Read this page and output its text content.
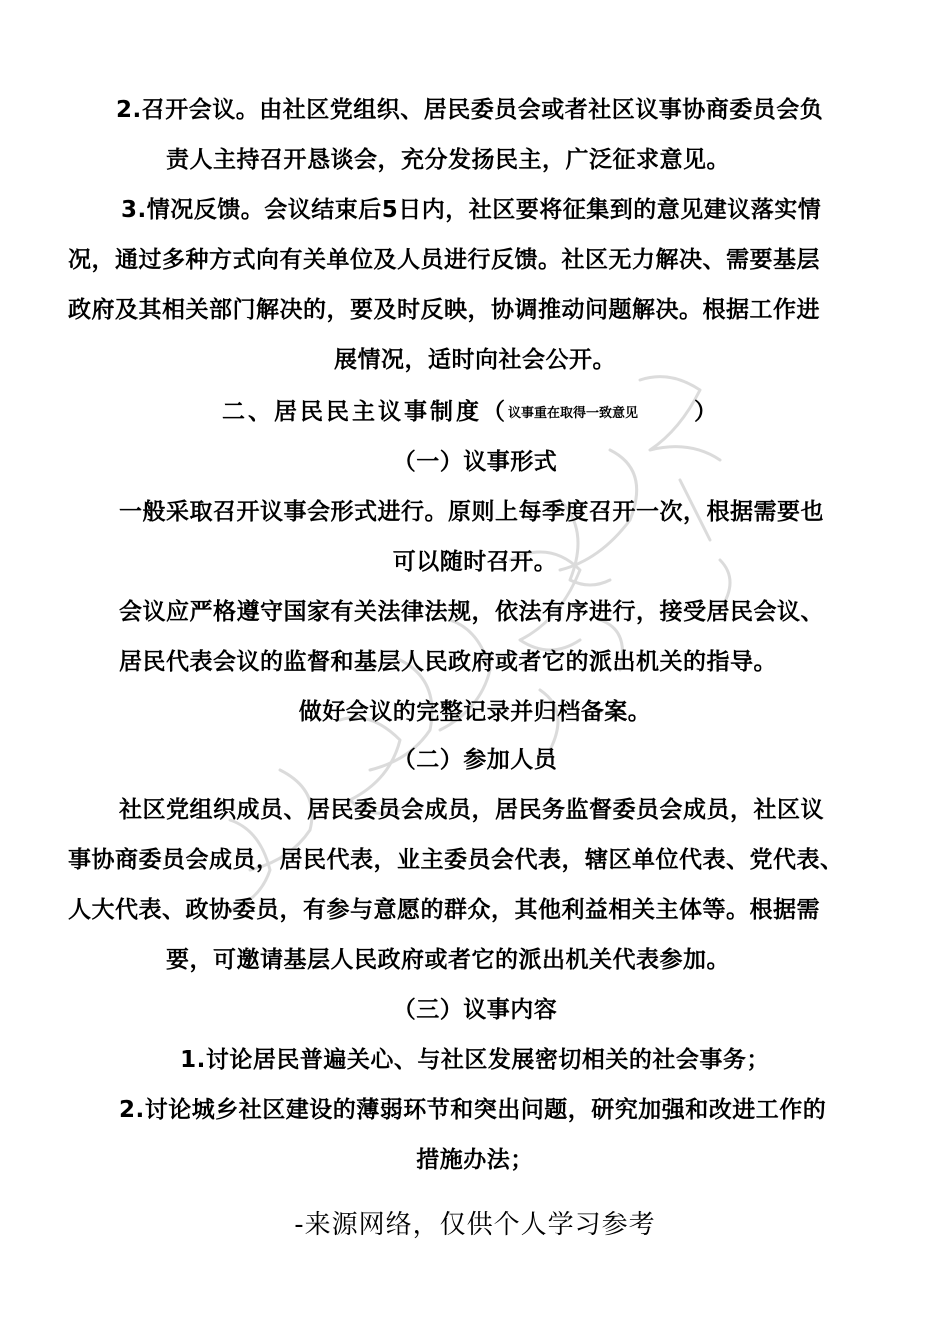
2.召开会议。由社区党组织、居民委员会或者社区议事协商委员会负
责人主持召开恳谈会，充分发扬民主，广泛征求意见。
3.情况反馈。会议结束后5日内，社区要将征集到的意见建议落实情
况，通过多种方式向有关单位及人员进行反馈。社区无力解决、需要基层
政府及其相关部门解决的，要及时反映，协调推动问题解决。根据工作进
展情况，适时向社会公开。
二、居民民主议事制度（议事重在取得一致意见 ）
（一）议事形式
一般采取召开议事会形式进行。原则上每季度召开一次，根据需要也
可以随时召开。
会议应严格遵守国家有关法律法规，依法有序进行，接受居民会议、
居民代表会议的监督和基层人民政府或者它的派出机关的指导。
做好会议的完整记录并归档备案。
（二）参加人员
社区党组织成员、居民委员会成员，居民务监督委员会成员，社区议
事协商委员会成员，居民代表，业主委员会代表，辖区单位代表、党代表、
人大代表、政协委员，有参与意愿的群众，其他利益相关主体等。根据需
要，可邀请基层人民政府或者它的派出机关代表参加。
（三）议事内容
1.讨论居民普遍关心、与社区发展密切相关的社会事务；
2.讨论城乡社区建设的薄弱环节和突出问题，研究加强和改进工作的
措施办法；
-来源网络，仅供个人学习参考
